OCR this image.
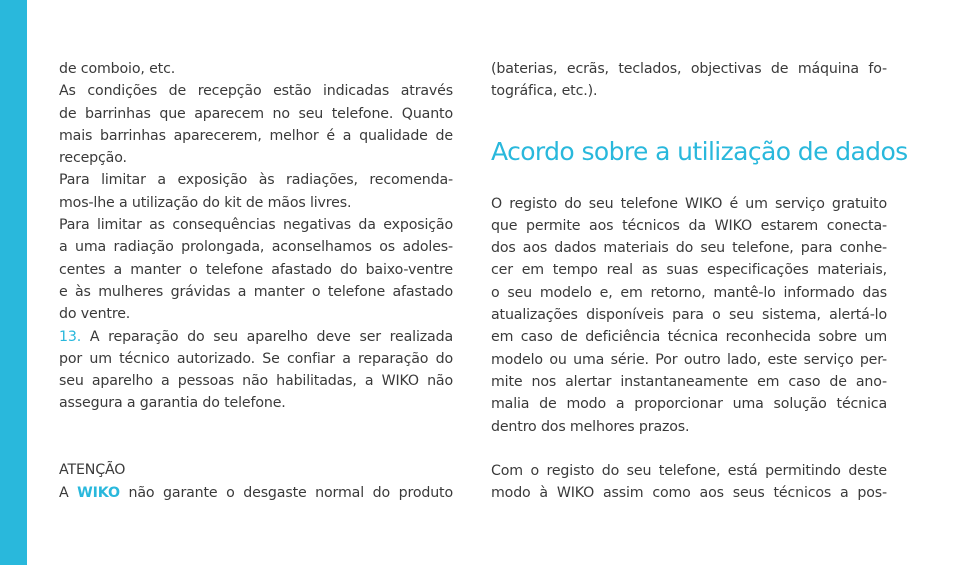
de comboio, etc.
As condições de recepção estão indicadas através
de barrinhas que aparecem no seu telefone. Quanto
mais barrinhas aparecerem, melhor é a qualidade de
recepção.
Para limitar a exposição às radiações, recomenda-
mos-lhe a utilização do kit de mãos livres.
Para limitar as consequências negativas da exposição
a uma radiação prolongada, aconselhamos os adoles-
centes a manter o telefone afastado do baixo-ventre
e às mulheres grávidas a manter o telefone afastado
do ventre.
13. A reparação do seu aparelho deve ser realizada
por um técnico autorizado. Se confiar a reparação do
seu aparelho a pessoas não habilitadas, a WIKO não
assegura a garantia do telefone.
ATENÇÃO
A WIKO não garante o desgaste normal do produto
(baterias, ecrãs, teclados, objectivas de máquina fo-
tográfica, etc.).
Acordo sobre a utilização de dados
O registo do seu telefone WIKO é um serviço gratuito
que permite aos técnicos da WIKO estarem conecta-
dos aos dados materiais do seu telefone, para conhe-
cer em tempo real as suas especificações materiais,
o seu modelo e, em retorno, mantê-lo informado das
atualizações disponíveis para o seu sistema, alertá-lo
em caso de deficiência técnica reconhecida sobre um
modelo ou uma série. Por outro lado, este serviço per-
mite nos alertar instantaneamente em caso de ano-
malia de modo a proporcionar uma solução técnica
dentro dos melhores prazos.

Com o registo do seu telefone, está permitindo deste
modo à WIKO assim como aos seus técnicos a pos-
